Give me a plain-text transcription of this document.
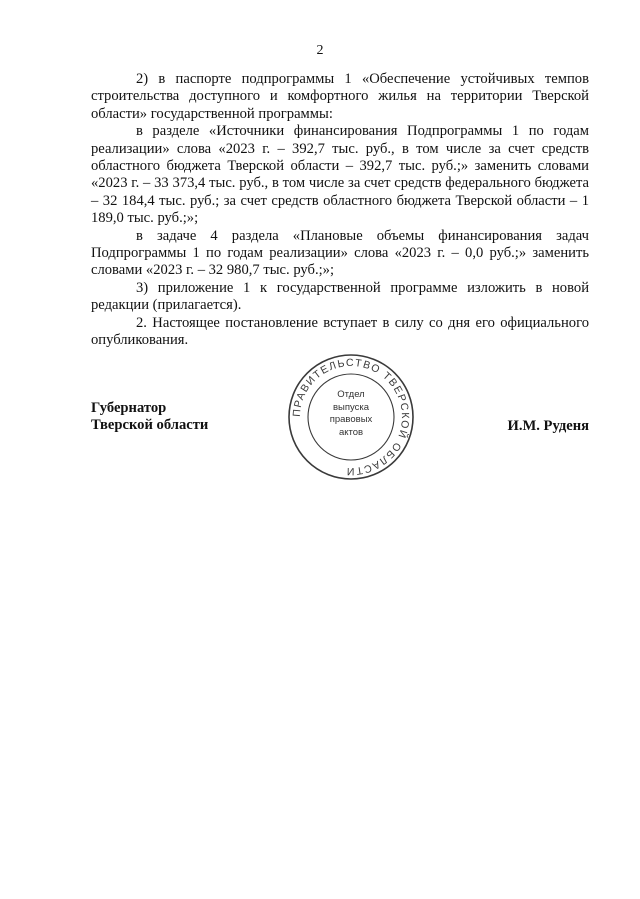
2

2) в паспорте подпрограммы 1 «Обеспечение устойчивых темпов строительства доступного и комфортного жилья на территории Тверской области» государственной программы:

в разделе «Источники финансирования Подпрограммы 1 по годам реализации» слова «2023 г. – 392,7 тыс. руб., в том числе за счет средств областного бюджета Тверской области – 392,7 тыс. руб.;» заменить словами «2023 г. – 33 373,4 тыс. руб., в том числе за счет средств федерального бюджета – 32 184,4 тыс. руб.; за счет средств областного бюджета Тверской области – 1 189,0 тыс. руб.;»;

в задаче 4 раздела «Плановые объемы финансирования задач Подпрограммы 1 по годам реализации» слова «2023 г. – 0,0 руб.;» заменить словами «2023 г. – 32 980,7 тыс. руб.;»;

3) приложение 1 к государственной программе изложить в новой редакции (прилагается).

2. Настоящее постановление вступает в силу со дня его официального опубликования.

ПРАВИТЕЛЬСТВО ТВЕРСКОЙ ОБЛАСТИ
Отдел
выпуска
правовых
актов
Губернатор
Тверской области	И.М. Руденя
